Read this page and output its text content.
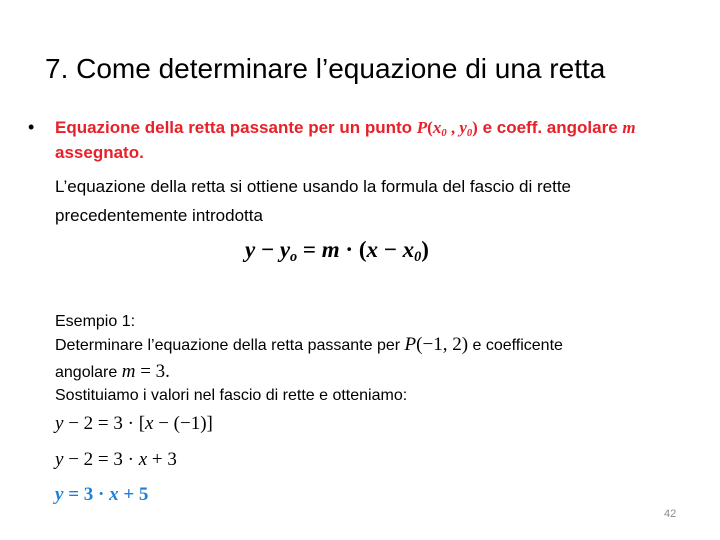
7. Come determinare l’equazione di una retta
• Equazione della retta passante per un punto $P(x_0$ , $y_0$) e coeff. angolare m
assegnato.
L’equazione della retta si ottiene usando la formula del fascio di rette
precedentemente introdotta
$y - y_o = m \cdot (x - x_0)$
Esempio 1:
Determinare l’equazione della retta passante per P(−1, 2) e coefficente
angolare m = 3.
Sostituiamo i valori nel fascio di rette e otteniamo:
y − 2 = 3 · [x − (−1)]
y − 2 = 3 · x + 3
y = 3 · x + 5
42
